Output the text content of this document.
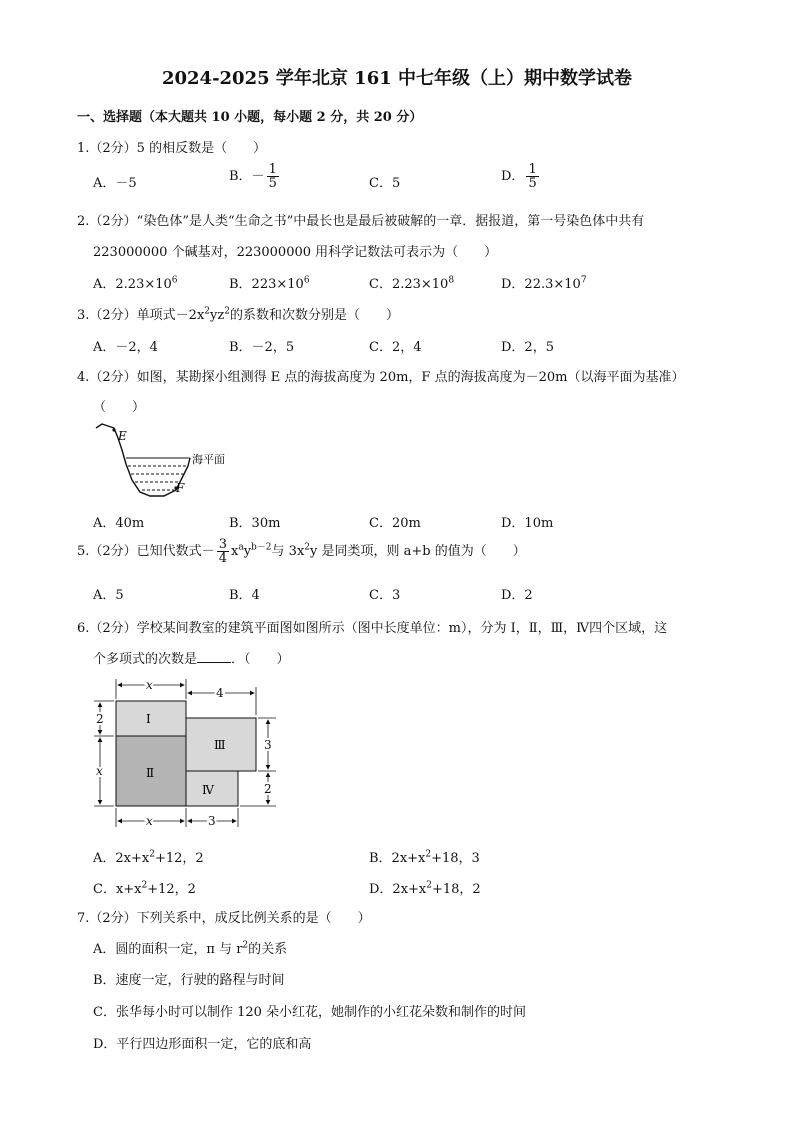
2024-2025 学年北京 161 中七年级（上）期中数学试卷
一、选择题（本大题共 10 小题，每小题 2 分，共 20 分）
1.（2分）5 的相反数是（　　）
A．－5	B．－ $\frac{1}{5}$	C．5	D． $\frac{1}{5}$
2.（2分）“染色体”是人类“生命之书”中最长也是最后被破解的一章．据报道，第一号染色体中共有
223000000 个碱基对，223000000 用科学记数法可表示为（　　）
A．$2.23\times 10^6$	B．$223\times 10^6$	C．$2.23\times 10^8$	D．$22.3\times 10^7$
3.（2分）单项式$-2x^2yz^2$的系数和次数分别是（　　）
A．－2，4	B．－2，5	C．2，4	D．2，5
4.（2分）如图，某勘探小组测得 E 点的海拔高度为 20m，F 点的海拔高度为－20m（以海平面为基准）
（　　）
E
F
海平面
A．40m	B．30m	C．20m	D．10m
5.（2分）已知代数式－ $\frac{3}{4} x^ay^{b-2}$与 $3x^2y$ 是同类项，则 a+b 的值为（　　）
A．5	B．4	C．3	D．2
6.（2分）学校某间教室的建筑平面图如图所示（图中长度单位：m），分为 Ⅰ，Ⅱ，Ⅲ，Ⅳ四个区域，这
个多项式的次数是	．（　　）
Ⅰ
Ⅱ
Ⅲ
Ⅳ
x
4
2
x
3
2
x	3
A．$2x+x^2+12$，2	B．$2x+x^2+18$，3
C．$x+x^2+12$，2	D．$2x+x^2+18$，2
7.（2分）下列关系中，成反比例关系的是（　　）
A．圆的面积一定，π 与 $r^2$的关系
B．速度一定，行驶的路程与时间
C．张华每小时可以制作 120 朵小红花，她制作的小红花朵数和制作的时间
D．平行四边形面积一定，它的底和高
